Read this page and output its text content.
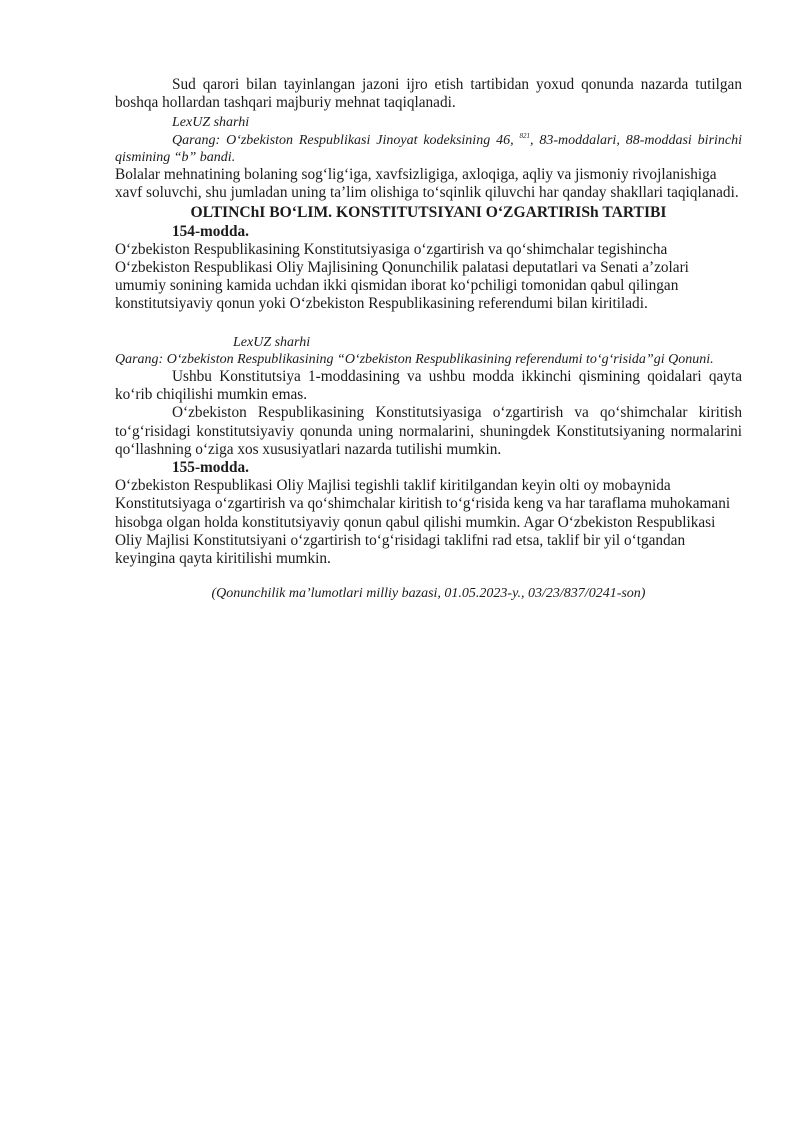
Sud qarori bilan tayinlangan jazoni ijro etish tartibidan yoxud qonunda nazarda tutilgan boshqa hollardan tashqari majburiy mehnat taqiqlanadi.

LexUZ sharhi

Qarang: O‘zbekiston Respublikasi Jinoyat kodeksining 46, $^{821}$, 83-moddalari, 88-moddasi birinchi qismining “b” bandi.

Bolalar mehnatining bolaning sog‘lig‘iga, xavfsizligiga, axloqiga, aqliy va jismoniy rivojlanishiga xavf soluvchi, shu jumladan uning ta’lim olishiga to‘sqinlik qiluvchi har qanday shakllari taqiqlanadi.

OLTINChI BO‘LIM. KONSTITUTSIYANI O‘ZGARTIRISh TARTIBI

154-modda.

O‘zbekiston Respublikasining Konstitutsiyasiga o‘zgartirish va qo‘shimchalar tegishincha O‘zbekiston Respublikasi Oliy Majlisining Qonunchilik palatasi deputatlari va Senati a’zolari umumiy sonining kamida uchdan ikki qismidan iborat ko‘pchiligi tomonidan qabul qilingan konstitutsiyaviy qonun yoki O‘zbekiston Respublikasining referendumi bilan kiritiladi.

LexUZ sharhi

Qarang: O‘zbekiston Respublikasining “O‘zbekiston Respublikasining referendumi to‘g‘risida”gi Qonuni.

Ushbu Konstitutsiya 1-moddasining va ushbu modda ikkinchi qismining qoidalari qayta ko‘rib chiqilishi mumkin emas.

O‘zbekiston Respublikasining Konstitutsiyasiga o‘zgartirish va qo‘shimchalar kiritish to‘g‘risidagi konstitutsiyaviy qonunda uning normalarini, shuningdek Konstitutsiyaning normalarini qo‘llashning o‘ziga xos xususiyatlari nazarda tutilishi mumkin.

155-modda.

O‘zbekiston Respublikasi Oliy Majlisi tegishli taklif kiritilgandan keyin olti oy mobaynida Konstitutsiyaga o‘zgartirish va qo‘shimchalar kiritish to‘g‘risida keng va har taraflama muhokamani hisobga olgan holda konstitutsiyaviy qonun qabul qilishi mumkin. Agar O‘zbekiston Respublikasi Oliy Majlisi Konstitutsiyani o‘zgartirish to‘g‘risidagi taklifni rad etsa, taklif bir yil o‘tgandan keyingina qayta kiritilishi mumkin.

(Qonunchilik ma’lumotlari milliy bazasi, 01.05.2023-y., 03/23/837/0241-son)
